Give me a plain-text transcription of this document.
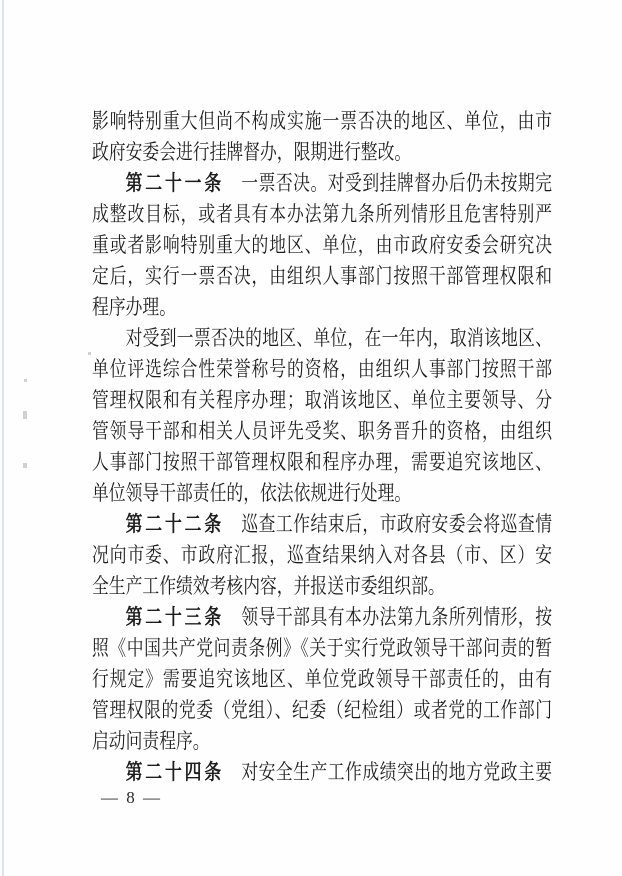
影响特别重大但尚不构成实施一票否决的地区、单位，由市
政府安委会进行挂牌督办，限期进行整改。
第二十一条　一票否决。对受到挂牌督办后仍未按期完
成整改目标，或者具有本办法第九条所列情形且危害特别严
重或者影响特别重大的地区、单位，由市政府安委会研究决
定后，实行一票否决，由组织人事部门按照干部管理权限和
程序办理。
对受到一票否决的地区、单位，在一年内，取消该地区、
单位评选综合性荣誉称号的资格，由组织人事部门按照干部
管理权限和有关程序办理；取消该地区、单位主要领导、分
管领导干部和相关人员评先受奖、职务晋升的资格，由组织
人事部门按照干部管理权限和程序办理，需要追究该地区、
单位领导干部责任的，依法依规进行处理。
第二十二条　巡查工作结束后，市政府安委会将巡查情
况向市委、市政府汇报，巡查结果纳入对各县（市、区）安
全生产工作绩效考核内容，并报送市委组织部。
第二十三条　领导干部具有本办法第九条所列情形，按
照《中国共产党问责条例》《关于实行党政领导干部问责的暂
行规定》需要追究该地区、单位党政领导干部责任的，由有
管理权限的党委（党组）、纪委（纪检组）或者党的工作部门
启动问责程序。
第二十四条　对安全生产工作成绩突出的地方党政主要
— 8 —
